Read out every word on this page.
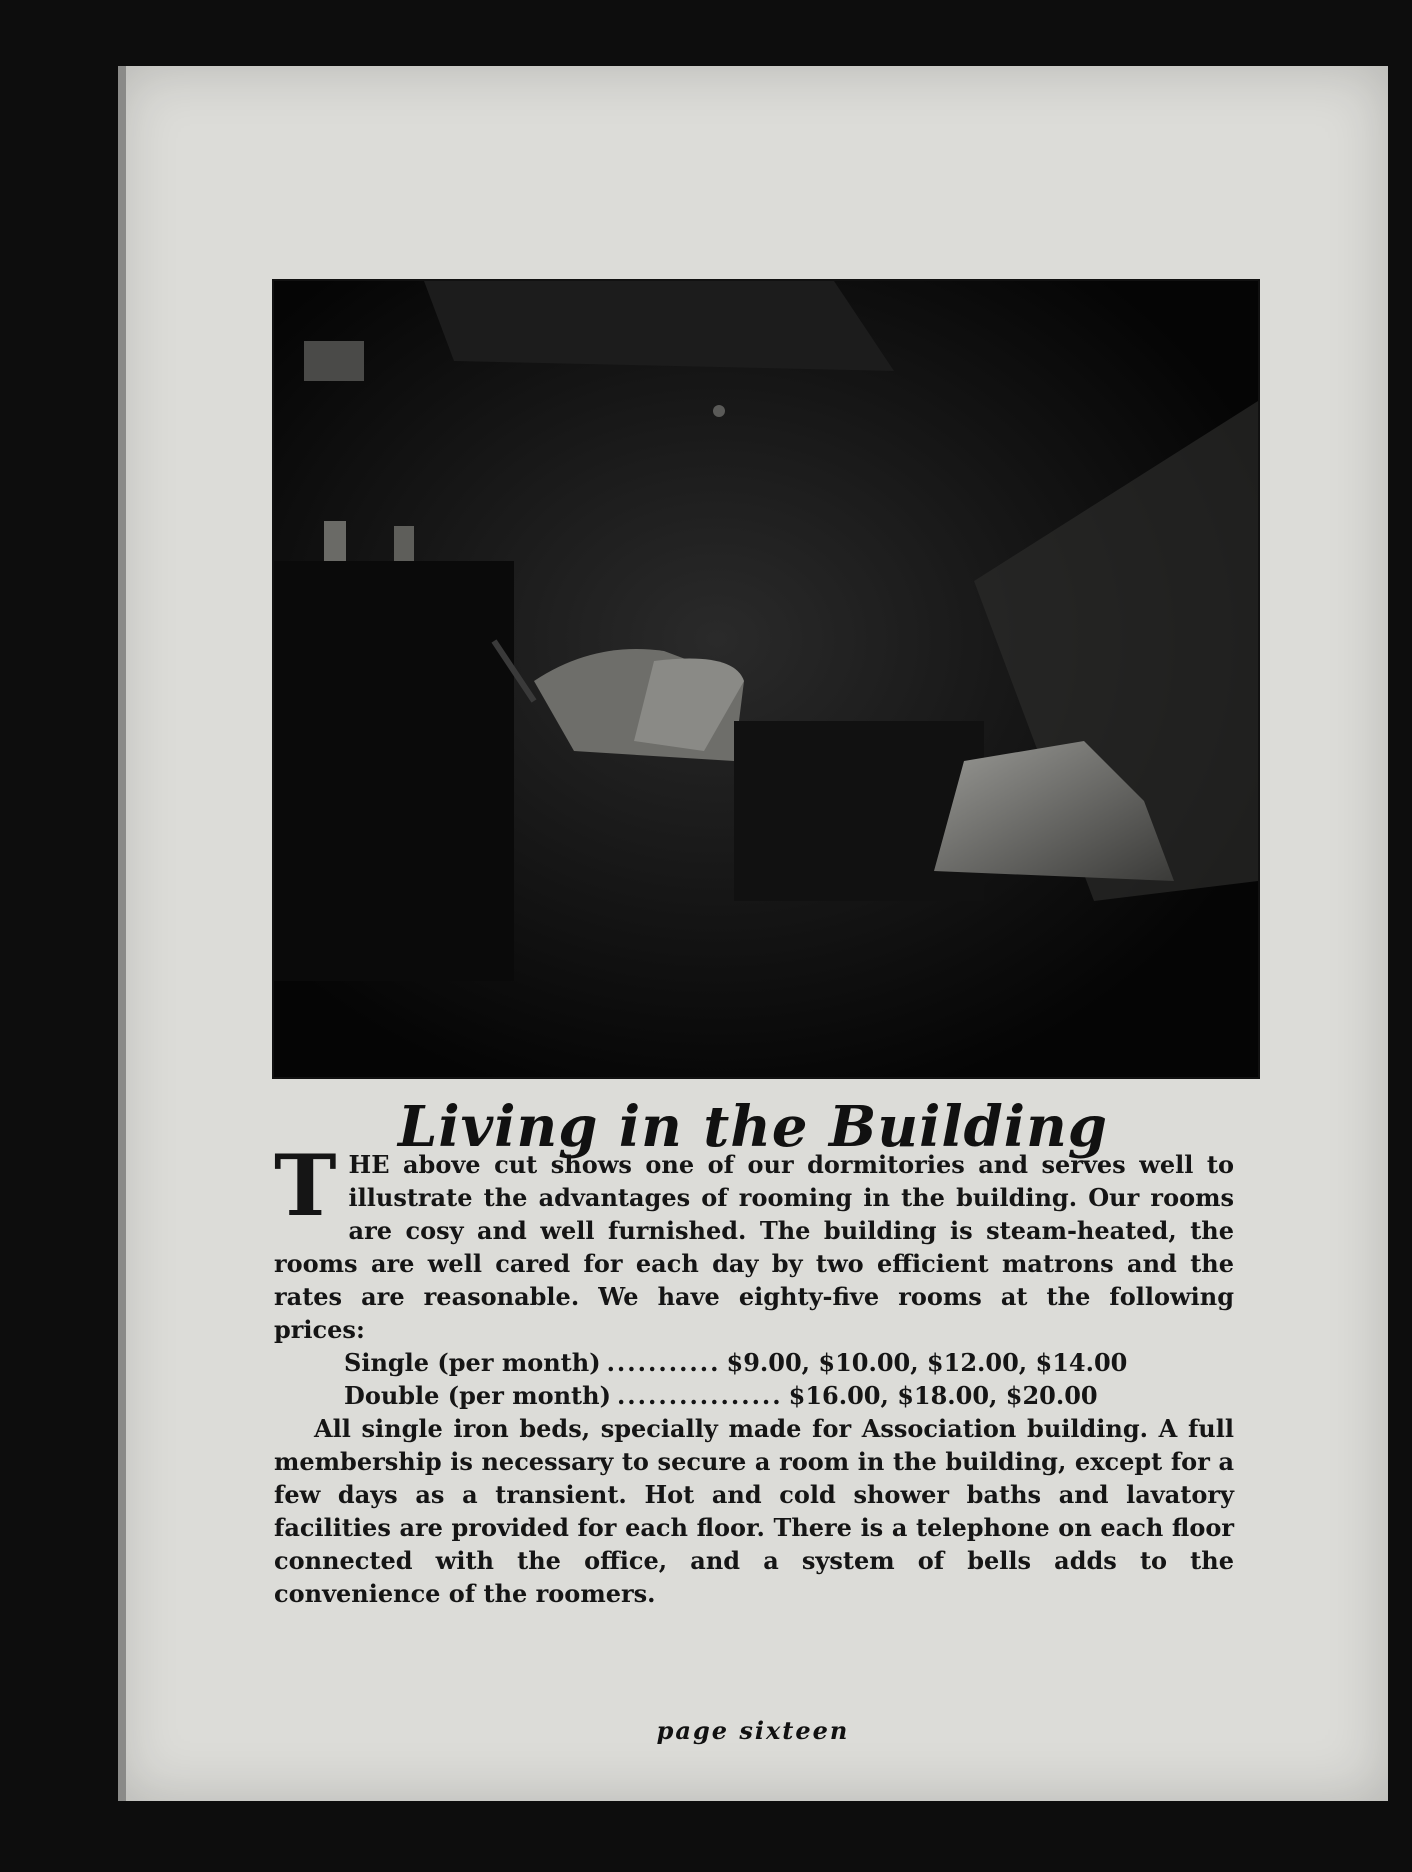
Living in the Building

THE above cut shows one of our dormitories and serves well to illustrate the advantages of rooming in the building. Our rooms are cosy and well furnished. The building is steam-heated, the rooms are well cared for each day by two efficient matrons and the rates are reasonable. We have eighty-five rooms at the following prices:

Single (per month) ........... $9.00, $10.00, $12.00, $14.00
Double (per month) ................ $16.00, $18.00, $20.00

All single iron beds, specially made for Association building. A full membership is necessary to secure a room in the building, except for a few days as a transient. Hot and cold shower baths and lavatory facilities are provided for each floor. There is a telephone on each floor connected with the office, and a system of bells adds to the convenience of the roomers.

page sixteen
